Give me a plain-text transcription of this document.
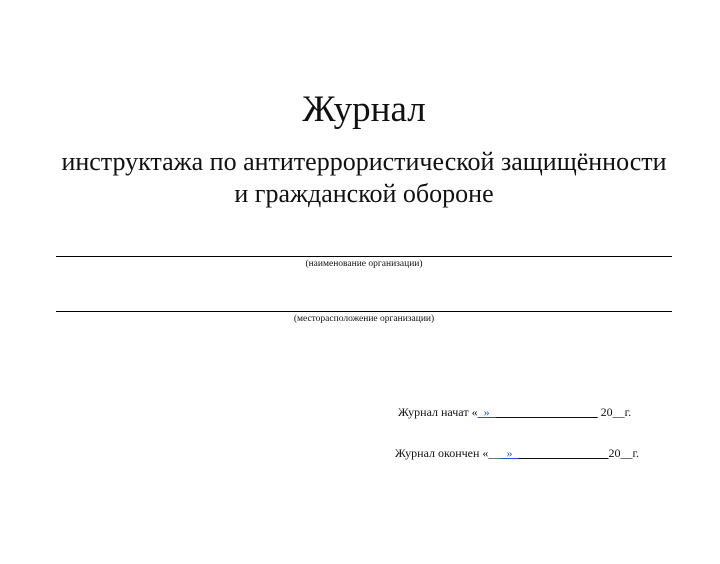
Журнал
инструктажа по антитеррористической защищённости
и гражданской обороне
(наименование организации)
(месторасположение организации)
Журнал начат «_»__________________ 20__г.
Журнал окончен «___»________________20__г.
